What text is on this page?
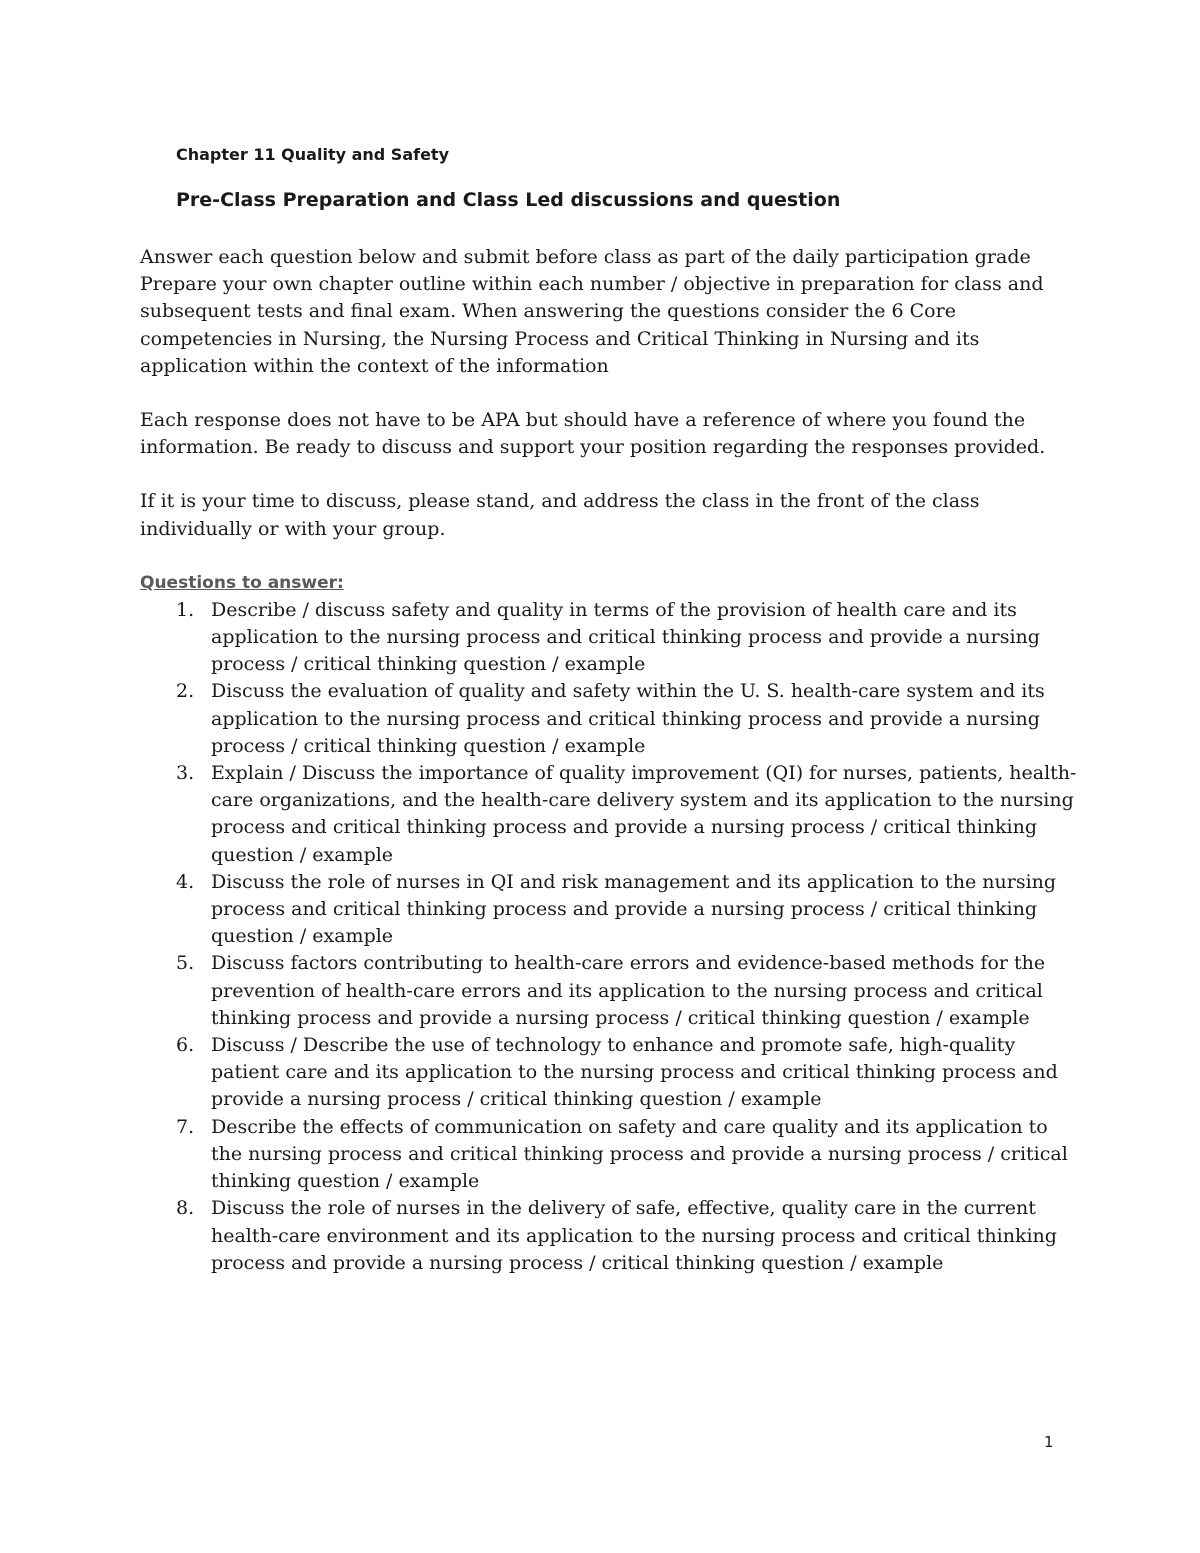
Chapter 11 Quality and Safety
Pre-Class Preparation and Class Led discussions and question
Answer each question below and submit before class as part of the daily participation grade
Prepare your own chapter outline within each number / objective in preparation for class and
subsequent tests and final exam. When answering the questions consider the 6 Core
competencies in Nursing, the Nursing Process and Critical Thinking in Nursing and its
application within the context of the information
Each response does not have to be APA but should have a reference of where you found the
information. Be ready to discuss and support your position regarding the responses provided.
If it is your time to discuss, please stand, and address the class in the front of the class
individually or with your group.
Questions to answer:
1. Describe / discuss safety and quality in terms of the provision of health care and its
application to the nursing process and critical thinking process and provide a nursing
process / critical thinking question / example
2. Discuss the evaluation of quality and safety within the U. S. health-care system and its
application to the nursing process and critical thinking process and provide a nursing
process / critical thinking question / example
3. Explain / Discuss the importance of quality improvement (QI) for nurses, patients, health-
care organizations, and the health-care delivery system and its application to the nursing
process and critical thinking process and provide a nursing process / critical thinking
question / example
4. Discuss the role of nurses in QI and risk management and its application to the nursing
process and critical thinking process and provide a nursing process / critical thinking
question / example
5. Discuss factors contributing to health-care errors and evidence-based methods for the
prevention of health-care errors and its application to the nursing process and critical
thinking process and provide a nursing process / critical thinking question / example
6. Discuss / Describe the use of technology to enhance and promote safe, high-quality
patient care and its application to the nursing process and critical thinking process and
provide a nursing process / critical thinking question / example
7. Describe the effects of communication on safety and care quality and its application to
the nursing process and critical thinking process and provide a nursing process / critical
thinking question / example
8. Discuss the role of nurses in the delivery of safe, effective, quality care in the current
health-care environment and its application to the nursing process and critical thinking
process and provide a nursing process / critical thinking question / example
1
